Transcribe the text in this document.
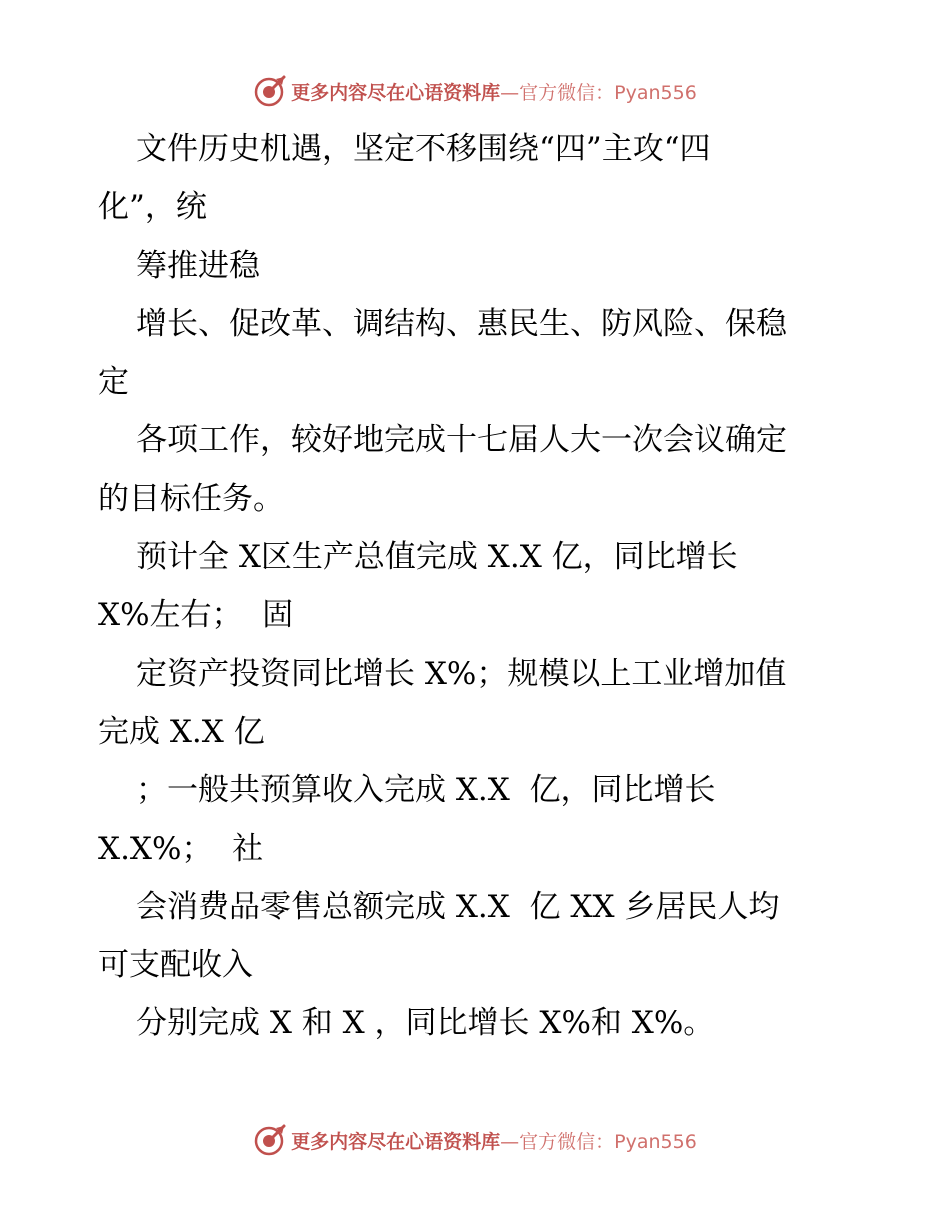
更多内容尽在心语资料库 —官方微信：Pyan556
文件历史机遇，坚定不移围绕“四”主攻“四
化”，统
筹推进稳
增长、促改革、调结构、惠民生、防风险、保稳
定
各项工作，较好地完成十七届人大一次会议确定
的目标任务。
预计全 X区生产总值完成 X.X 亿，同比增长
X%左右；  固
定资产投资同比增长 X%；规模以上工业增加值
完成 X.X 亿
；一般共预算收入完成 X.X  亿，同比增长
X.X%；  社
会消费品零售总额完成 X.X  亿 XX 乡居民人均
可支配收入
分别完成 X 和 X ，同比增长 X%和 X%。
更多内容尽在心语资料库 —官方微信：Pyan556
